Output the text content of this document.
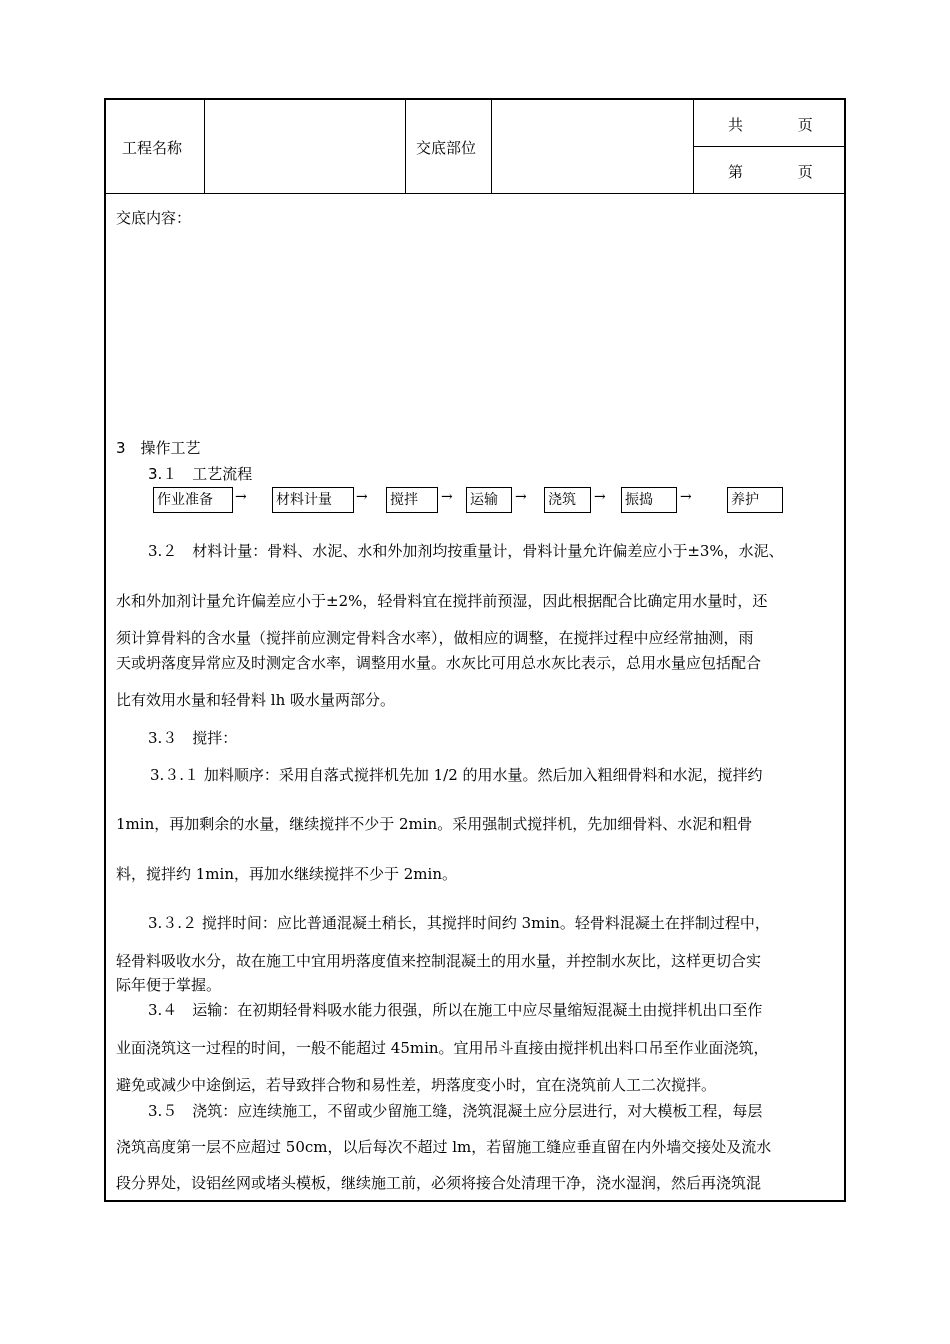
工程名称	交底部位
共 页
第 页
交底内容：
3　操作工艺
3.１　工艺流程
作业准备	→ 材料计量	→ 搅拌	→ 运输	→ 浇筑	→ 振捣	→	养护
3.２　材料计量：骨料、水泥、水和外加剂均按重量计，骨料计量允许偏差应小于±3%，水泥、
水和外加剂计量允许偏差应小于±2%，轻骨料宜在搅拌前预湿，因此根据配合比确定用水量时，还
须计算骨料的含水量（搅拌前应测定骨料含水率），做相应的调整，在搅拌过程中应经常抽测，雨
天或坍落度异常应及时测定含水率，调整用水量。水灰比可用总水灰比表示，总用水量应包括配合
比有效用水量和轻骨料 lh 吸水量两部分。
3.３　搅拌：
3.３.１ 加料顺序：采用自落式搅拌机先加 1/2 的用水量。然后加入粗细骨料和水泥，搅拌约
1min，再加剩余的水量，继续搅拌不少于 2min。采用强制式搅拌机，先加细骨料、水泥和粗骨
料，搅拌约 1min，再加水继续搅拌不少于 2min。
3.３.２ 搅拌时间：应比普通混凝土稍长，其搅拌时间约 3min。轻骨料混凝土在拌制过程中，
轻骨料吸收水分，故在施工中宜用坍落度值来控制混凝土的用水量，并控制水灰比，这样更切合实
际年便于掌握。
3.４　运输：在初期轻骨料吸水能力很强，所以在施工中应尽量缩短混凝土由搅拌机出口至作
业面浇筑这一过程的时间，一般不能超过 45min。宜用吊斗直接由搅拌机出料口吊至作业面浇筑，
避免或减少中途倒运，若导致拌合物和易性差，坍落度变小时，宜在浇筑前人工二次搅拌。
3.５　浇筑：应连续施工，不留或少留施工缝，浇筑混凝土应分层进行，对大模板工程，每层
浇筑高度第一层不应超过 50cm，以后每次不超过 lm，若留施工缝应垂直留在内外墙交接处及流水
段分界处，设铝丝网或堵头模板，继续施工前，必须将接合处清理干净，浇水湿润，然后再浇筑混
